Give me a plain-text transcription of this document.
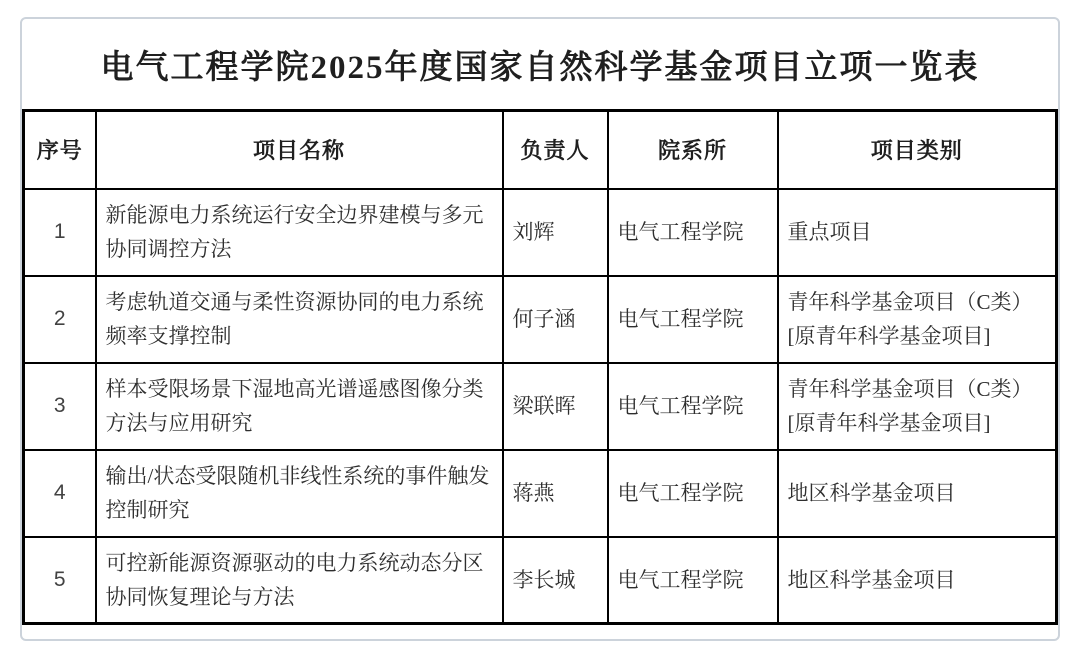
电气工程学院2025年度国家自然科学基金项目立项一览表
序号	项目名称	负责人	院系所	项目类别
1	新能源电力系统运行安全边界建模与多元协同调控方法	刘辉	电气工程学院	重点项目

2	考虑轨道交通与柔性资源协同的电力系统频率支撑控制	何子涵	电气工程学院	青年科学基金项目（C类）
[原青年科学基金项目]

3	样本受限场景下湿地高光谱遥感图像分类方法与应用研究	梁联晖	电气工程学院	青年科学基金项目（C类）
[原青年科学基金项目]

4	输出/状态受限随机非线性系统的事件触发控制研究	蒋燕	电气工程学院	地区科学基金项目

5	可控新能源资源驱动的电力系统动态分区协同恢复理论与方法	李长城	电气工程学院	地区科学基金项目
